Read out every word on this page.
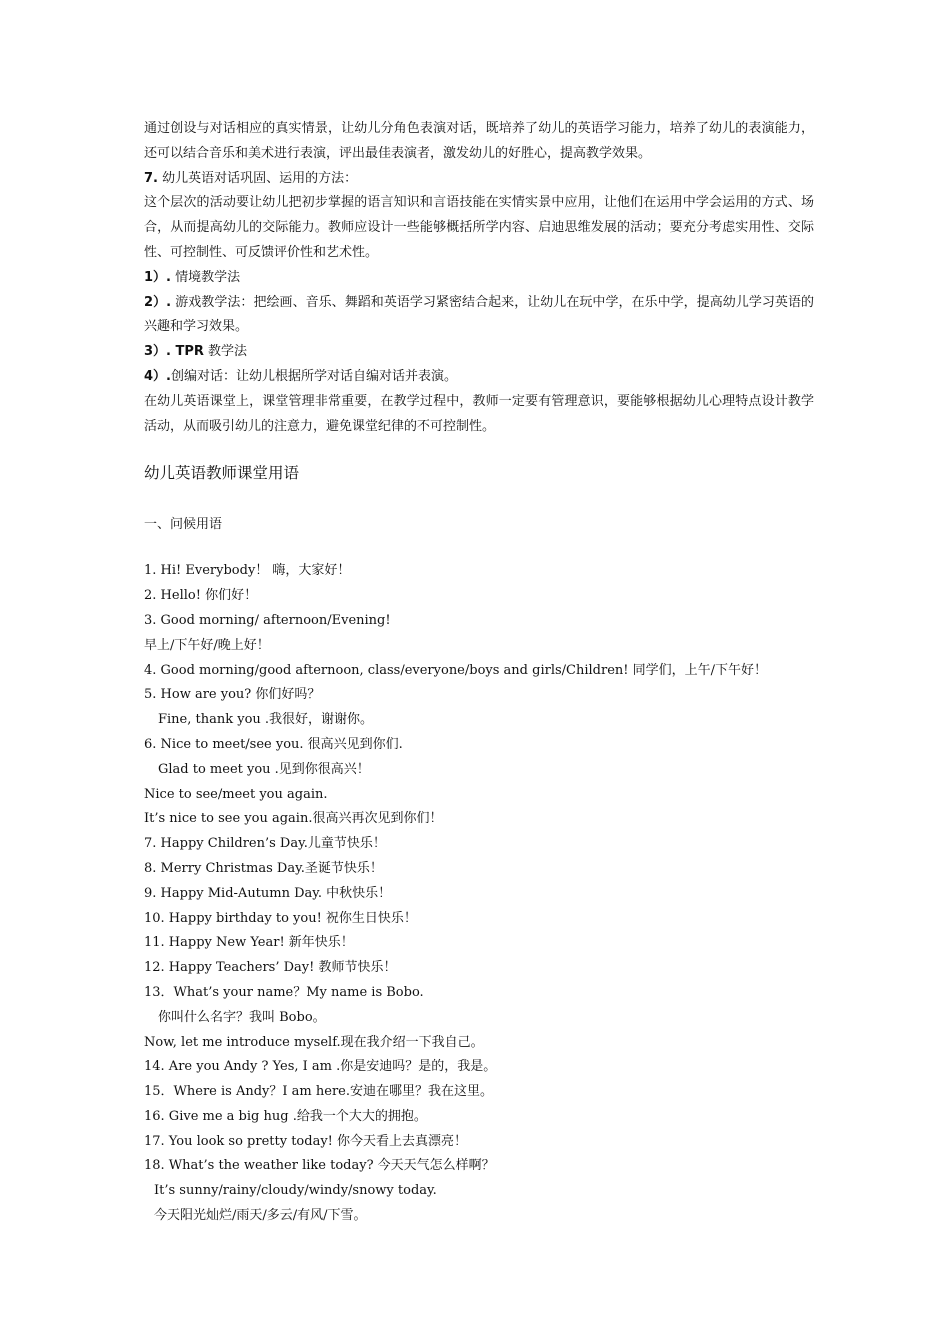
通过创设与对话相应的真实情景，让幼儿分角色表演对话，既培养了幼儿的英语学习能力，培养了幼儿的表演能力，还可以结合音乐和美术进行表演，评出最佳表演者，激发幼儿的好胜心，提高教学效果。

7. 幼儿英语对话巩固、运用的方法：

这个层次的活动要让幼儿把初步掌握的语言知识和言语技能在实情实景中应用，让他们在运用中学会运用的方式、场合，从而提高幼儿的交际能力。教师应设计一些能够概括所学内容、启迪思维发展的活动；要充分考虑实用性、交际性、可控制性、可反馈评价性和艺术性。

1）. 情境教学法

2）. 游戏教学法：把绘画、音乐、舞蹈和英语学习紧密结合起来，让幼儿在玩中学，在乐中学，提高幼儿学习英语的兴趣和学习效果。

3）. TPR 教学法

4）.创编对话：让幼儿根据所学对话自编对话并表演。

在幼儿英语课堂上，课堂管理非常重要，在教学过程中，教师一定要有管理意识，要能够根据幼儿心理特点设计教学活动，从而吸引幼儿的注意力，避免课堂纪律的不可控制性。

幼儿英语教师课堂用语

一、问候用语

1. Hi! Everybody！ 嗨，大家好！

2. Hello! 你们好！

3. Good morning/ afternoon/Evening!

早上/下午好/晚上好！

4. Good morning/good afternoon, class/everyone/boys and girls/Children! 同学们，上午/下午好！

5. How are you? 你们好吗？

Fine, thank you .我很好，谢谢你。

6. Nice to meet/see you. 很高兴见到你们.

Glad to meet you .见到你很高兴！

Nice to see/meet you again.

It’s nice to see you again.很高兴再次见到你们！

7. Happy Children’s Day.儿童节快乐！

8. Merry Christmas Day.圣诞节快乐！

9. Happy Mid-Autumn Day. 中秋快乐！

10. Happy birthday to you! 祝你生日快乐！

11. Happy New Year! 新年快乐！

12. Happy Teachers’ Day! 教师节快乐！

13．What’s your name？My name is Bobo.

你叫什么名字？我叫 Bobo。

Now, let me introduce myself.现在我介绍一下我自己。

14. Are you Andy ? Yes, I am .你是安迪吗？是的，我是。

15．Where is Andy？I am here.安迪在哪里？我在这里。

16. Give me a big hug .给我一个大大的拥抱。

17. You look so pretty today! 你今天看上去真漂亮！

18. What’s the weather like today? 今天天气怎么样啊？

It’s sunny/rainy/cloudy/windy/snowy today.

今天阳光灿烂/雨天/多云/有风/下雪。
